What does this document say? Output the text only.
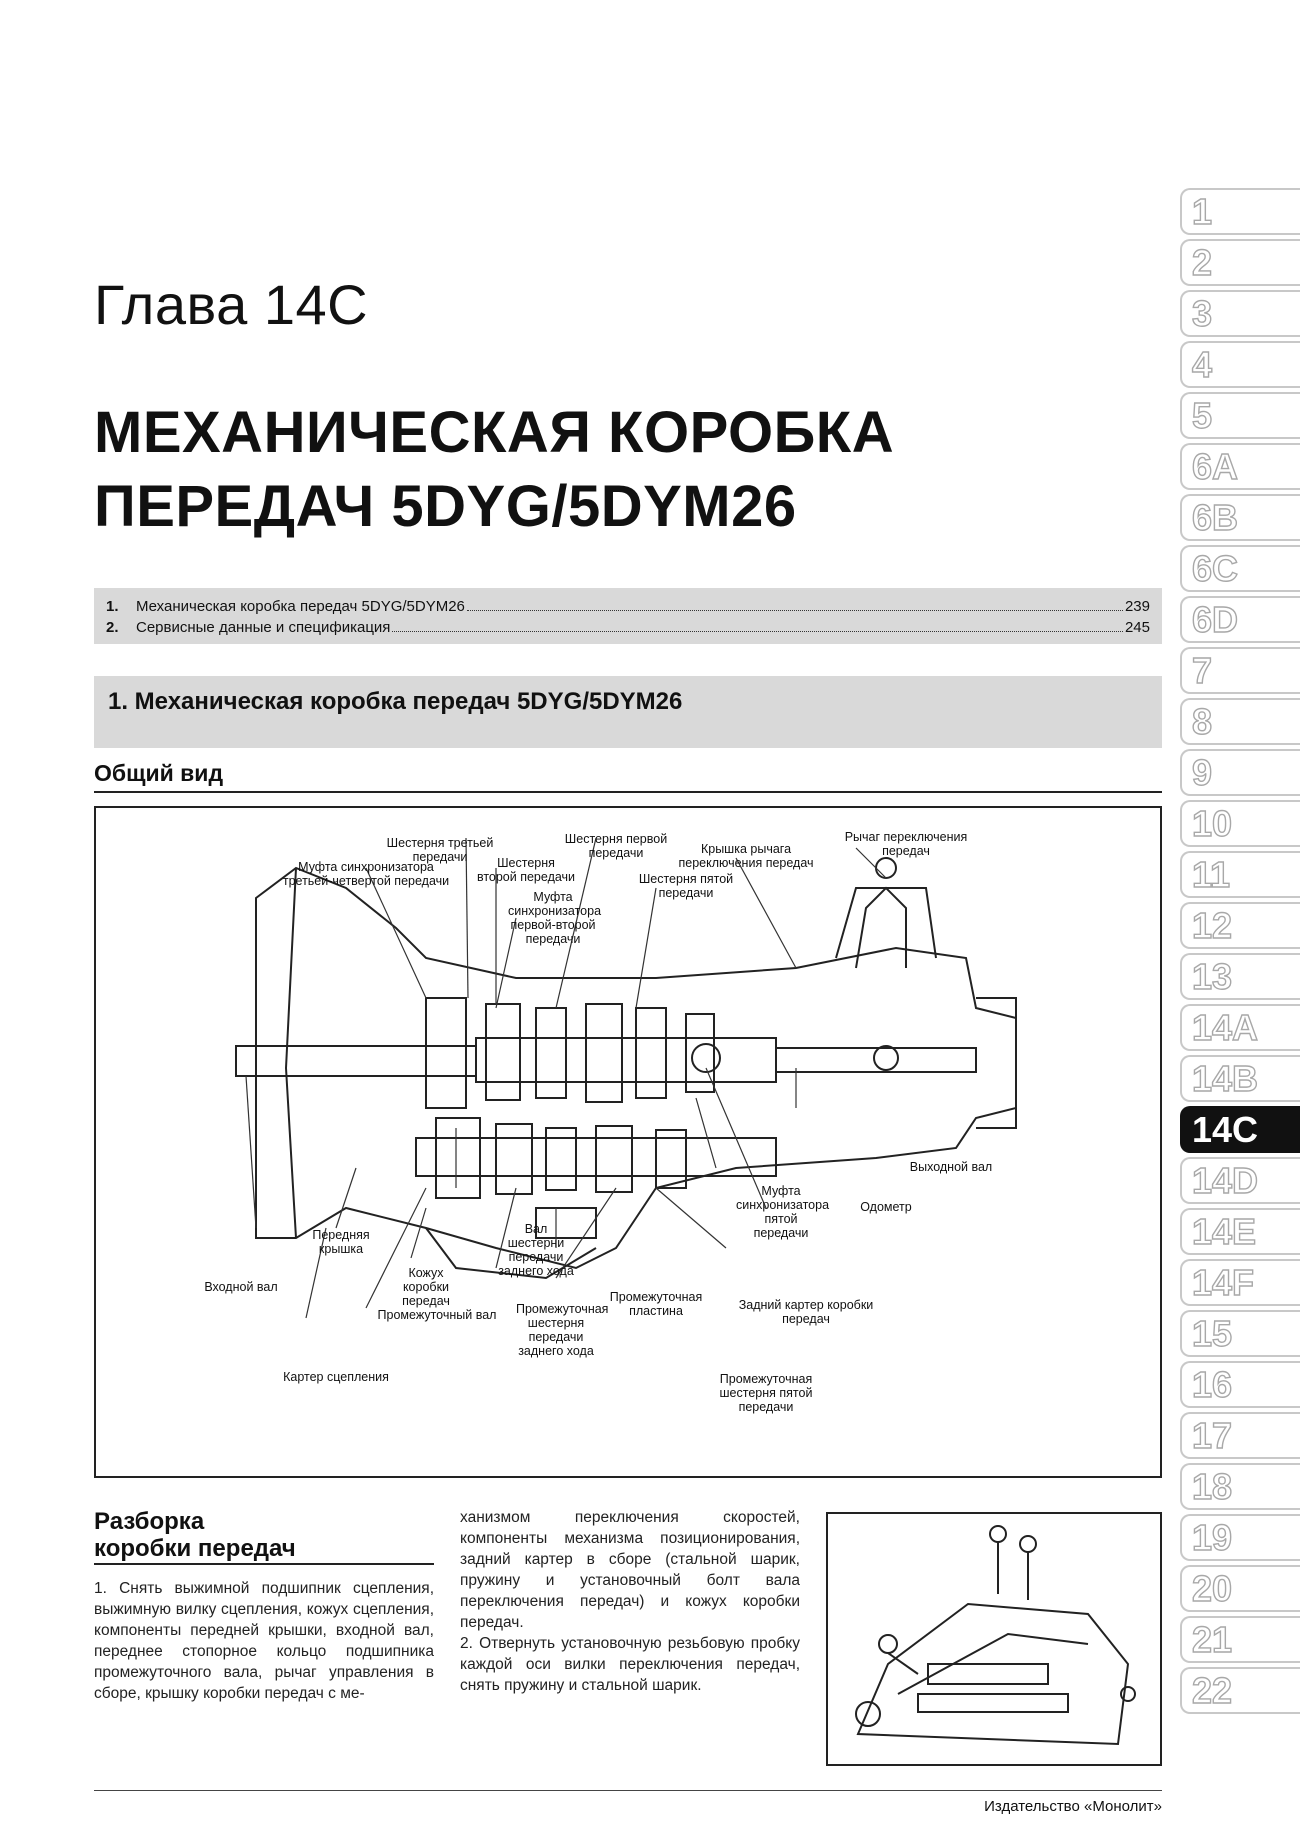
Глава 14С
МЕХАНИЧЕСКАЯ КОРОБКА
ПЕРЕДАЧ 5DYG/5DYM26
1.	Механическая коробка передач 5DYG/5DYM26	239
2.	Сервисные данные и спецификация	245
1. Механическая коробка передач 5DYG/5DYM26
Общий вид
Шестерня третьей передачи
Шестерня первой передачи
Рычаг переключения передач
Муфта синхронизатора третьей-четвертой передачи
Шестерня второй передачи
Крышка рычага переключения передач
Шестерня пятой передачи
Муфта синхронизатора первой-второй передачи
Выходной вал
Муфта синхронизатора пятой передачи
Одометр
Передняя крышка
Вал шестерни передачи заднего хода
Входной вал
Кожух коробки передач	Промежуточная пластина	Задний картер коробки передач
Промежуточный вал	Промежуточная шестерня передачи заднего хода
Картер сцепления	Промежуточная шестерня пятой передачи
Разборка
коробки передач
1. Снять выжимной подшипник сцепления, выжимную вилку сцепления, кожух сцепления, компоненты передней крышки, входной вал, переднее стопорное кольцо подшипника промежуточного вала, рычаг управления в сборе, крышку коробки передач с ме-
ханизмом переключения скоростей, компоненты механизма позиционирования, задний картер в сборе (стальной шарик, пружину и установочный болт вала переключения передач) и кожух коробки передач.
2. Отвернуть установочную резьбовую пробку каждой оси вилки переключения передач, снять пружину и стальной шарик.
Издательство «Монолит»
1
2
3
4
5
6A
6B
6C
6D
7
8
9
10
11
12
13
14A
14B
14C
14D
14E
14F
15
16
17
18
19
20
21
22
